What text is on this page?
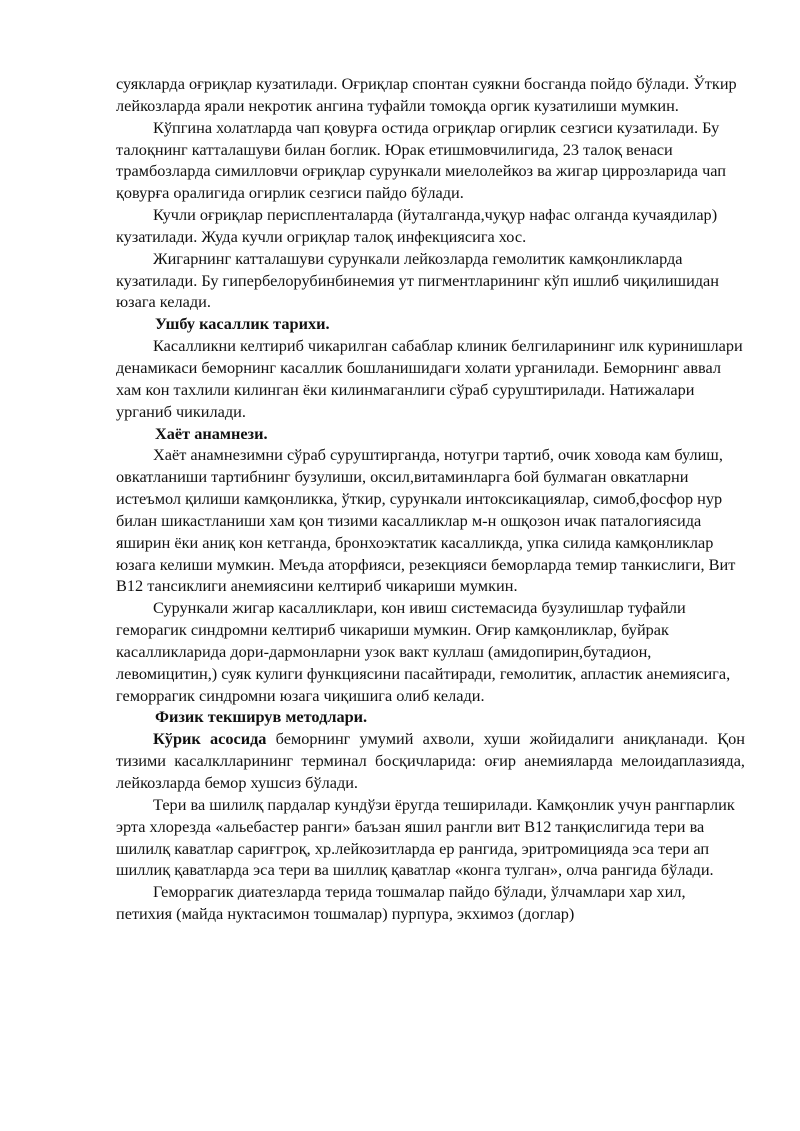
суякларда оғриқлар кузатилади. Оғриқлар спонтан суякни босганда пойдо бўлади. Ўткир лейкозларда ярали некротик ангина туфайли томоқда оргик кузатилиши мумкин.

Кўпгина холатларда чап қовурға остида огриқлар огирлик сезгиси кузатилади. Бу талоқнинг катталашуви билан боглик. Юрак етишмовчилигида, 23 талоқ венаси трамбозларда симилловчи оғриқлар сурункали миелолейкоз ва жигар циррозларида чап қовурға оралигида огирлик сезгиси пайдо бўлади.

Кучли оғриқлар периспленталарда (йуталганда,чуқур нафас олганда кучаядилар) кузатилади. Жуда кучли огриқлар талоқ инфекциясига хос.

Жигарнинг катталашуви сурункали лейкозларда гемолитик камқонликларда кузатилади. Бу гипербелорубинбинемия ут пигментларининг кўп ишлиб чиқилишидан юзага келади.

Ушбу касаллик тарихи.

Касалликни келтириб чикарилган сабаблар клиник белгиларининг илк куринишлари денамикаси беморнинг касаллик бошланишидаги холати урганилади. Беморнинг аввал хам кон тахлили килинган ёки килинмаганлиги сўраб суруштирилади. Натижалари урганиб чикилади.

Хаёт анамнези.

Хаёт анамнезимни сўраб суруштирганда, нотугри тартиб, очик ховода кам булиш, овкатланиши тартибнинг бузулиши, оксил,витаминларга бой булмаган овкатларни истеъмол қилиши камқонликка, ўткир, сурункали интоксикациялар, симоб,фосфор нур билан шикастланиши хам қон тизими касалликлар м-н ошқозон ичак паталогиясида яширин ёки аниқ кон кетганда, бронхоэктатик касалликда, упка силида камқонликлар юзага келиши мумкин. Меъда аторфияси, резекцияси беморларда темир танкислиги, Вит В12 тансиклиги анемиясини келтириб чикариши мумкин.

Сурункали жигар касалликлари, кон ивиш системасида бузулишлар туфайли геморагик синдромни келтириб чикариши мумкин. Оғир камқонликлар, буйрак касалликларида дори-дармонларни узок вакт куллаш (амидопирин,бутадион, левомицитин,) суяк кулиги функциясини пасайтиради, гемолитик, апластик анемиясига, геморрагик синдромни юзага чиқишига олиб келади.

Физик текширув методлари.

Кўрик асосида беморнинг умумий ахволи, хуши жойидалиги аниқланади. Қон тизими касалклларининг терминал босқичларида: оғир анемияларда мелоидаплазияда, лейкозларда бемор хушсиз бўлади.

Тери ва шилилқ пардалар кундўзи ёругда теширилади. Камқонлик учун рангпарлик эрта хлорезда «альебастер ранги» баъзан яшил рангли вит В12 танқислигида тери ва шилилқ каватлар сариғгроқ, хр.лейкозитларда ер рангида, эритромицияда эса тери ап шиллиқ қаватларда эса тери ва шиллиқ қаватлар «конга тулган», олча рангида бўлади.

Геморрагик диатезларда терида тошмалар пайдо бўлади, ўлчамлари хар хил, петихия (майда нуктасимон тошмалар) пурпура, экхимоз (доглар)
